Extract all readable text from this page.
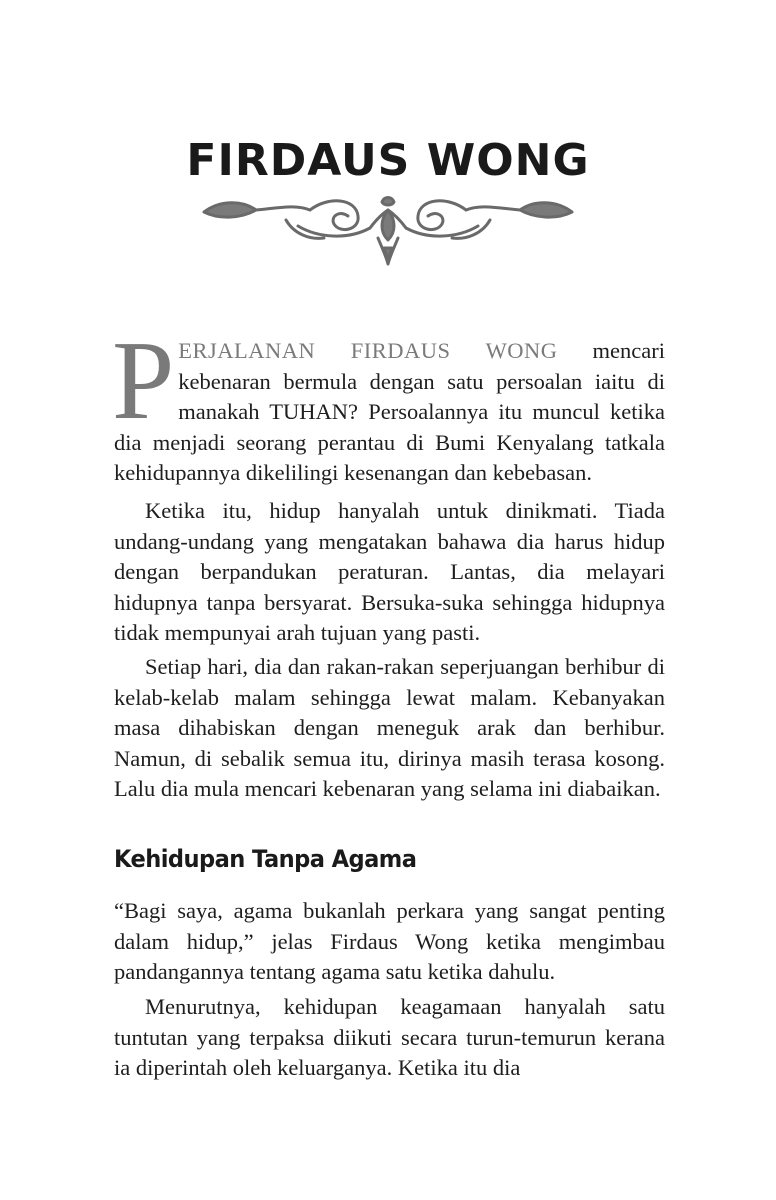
FIRDAUS WONG

PERJALANAN FIRDAUS WONG mencari kebenaran bermula dengan satu persoalan iaitu di manakah TUHAN? Persoalannya itu muncul ketika dia menjadi seorang perantau di Bumi Kenyalang tatkala kehidupannya dikelilingi kesenangan dan kebebasan.

Ketika itu, hidup hanyalah untuk dinikmati. Tiada undang-undang yang mengatakan bahawa dia harus hidup dengan berpandukan peraturan. Lantas, dia melayari hidupnya tanpa bersyarat. Bersuka-suka sehingga hidupnya tidak mempunyai arah tujuan yang pasti.

Setiap hari, dia dan rakan-rakan seperjuangan berhibur di kelab-kelab malam sehingga lewat malam. Kebanyakan masa dihabiskan dengan meneguk arak dan berhibur. Namun, di sebalik semua itu, dirinya masih terasa kosong. Lalu dia mula mencari kebenaran yang selama ini diabaikan.

Kehidupan Tanpa Agama

“Bagi saya, agama bukanlah perkara yang sangat penting dalam hidup,” jelas Firdaus Wong ketika mengimbau pandangannya tentang agama satu ketika dahulu.

Menurutnya, kehidupan keagamaan hanyalah satu tuntutan yang terpaksa diikuti secara turun-temurun kerana ia diperintah oleh keluarganya. Ketika itu dia
